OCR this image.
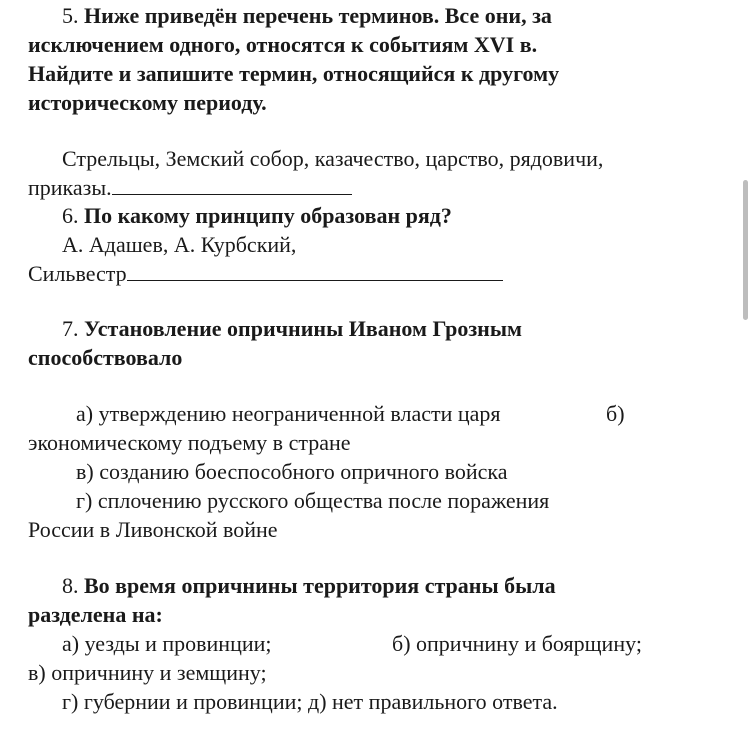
5. Ниже приведён перечень терминов. Все они, за
исключением одного, относятся к событиям XVI в.
Найдите и запишите термин, относящийся к другому
историческому периоду.
Стрельцы, Земский собор, казачество, царство, рядовичи,
приказы.
6. По какому принципу образован ряд?
А. Адашев, А. Курбский,
Сильвестр
7. Установление опричнины Иваном Грозным
способствовало
а) утверждению неограниченной власти царя	б)
экономическому подъему в стране
в) созданию боеспособного опричного войска
г) сплочению русского общества после поражения
России в Ливонской войне
8. Во время опричнины территория страны была
разделена на:
а) уезды и провинции;	б) опричнину и боярщину;
в) опричнину и земщину;
г) губернии и провинции; д) нет правильного ответа.
